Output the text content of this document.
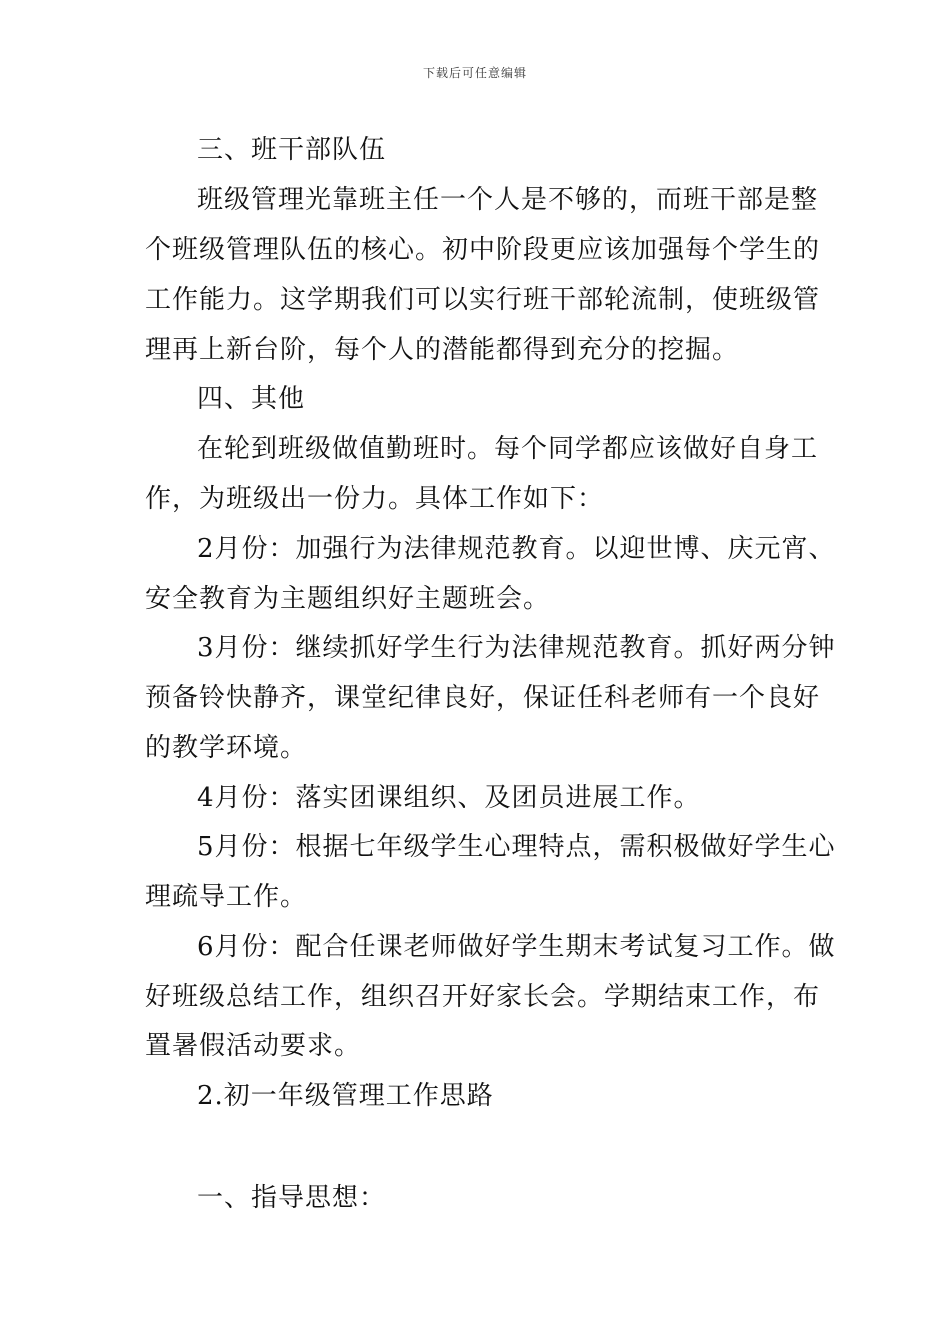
下载后可任意编辑
三、班干部队伍
班级管理光靠班主任一个人是不够的，而班干部是整
个班级管理队伍的核心。初中阶段更应该加强每个学生的
工作能力。这学期我们可以实行班干部轮流制，使班级管
理再上新台阶，每个人的潜能都得到充分的挖掘。
四、其他
在轮到班级做值勤班时。每个同学都应该做好自身工
作，为班级出一份力。具体工作如下：
2月份：加强行为法律规范教育。以迎世博、庆元宵、
安全教育为主题组织好主题班会。
3月份：继续抓好学生行为法律规范教育。抓好两分钟
预备铃快静齐，课堂纪律良好，保证任科老师有一个良好
的教学环境。
4月份：落实团课组织、及团员进展工作。
5月份：根据七年级学生心理特点，需积极做好学生心
理疏导工作。
6月份：配合任课老师做好学生期末考试复习工作。做
好班级总结工作，组织召开好家长会。学期结束工作，布
置暑假活动要求。
2.初一年级管理工作思路
一、指导思想：
